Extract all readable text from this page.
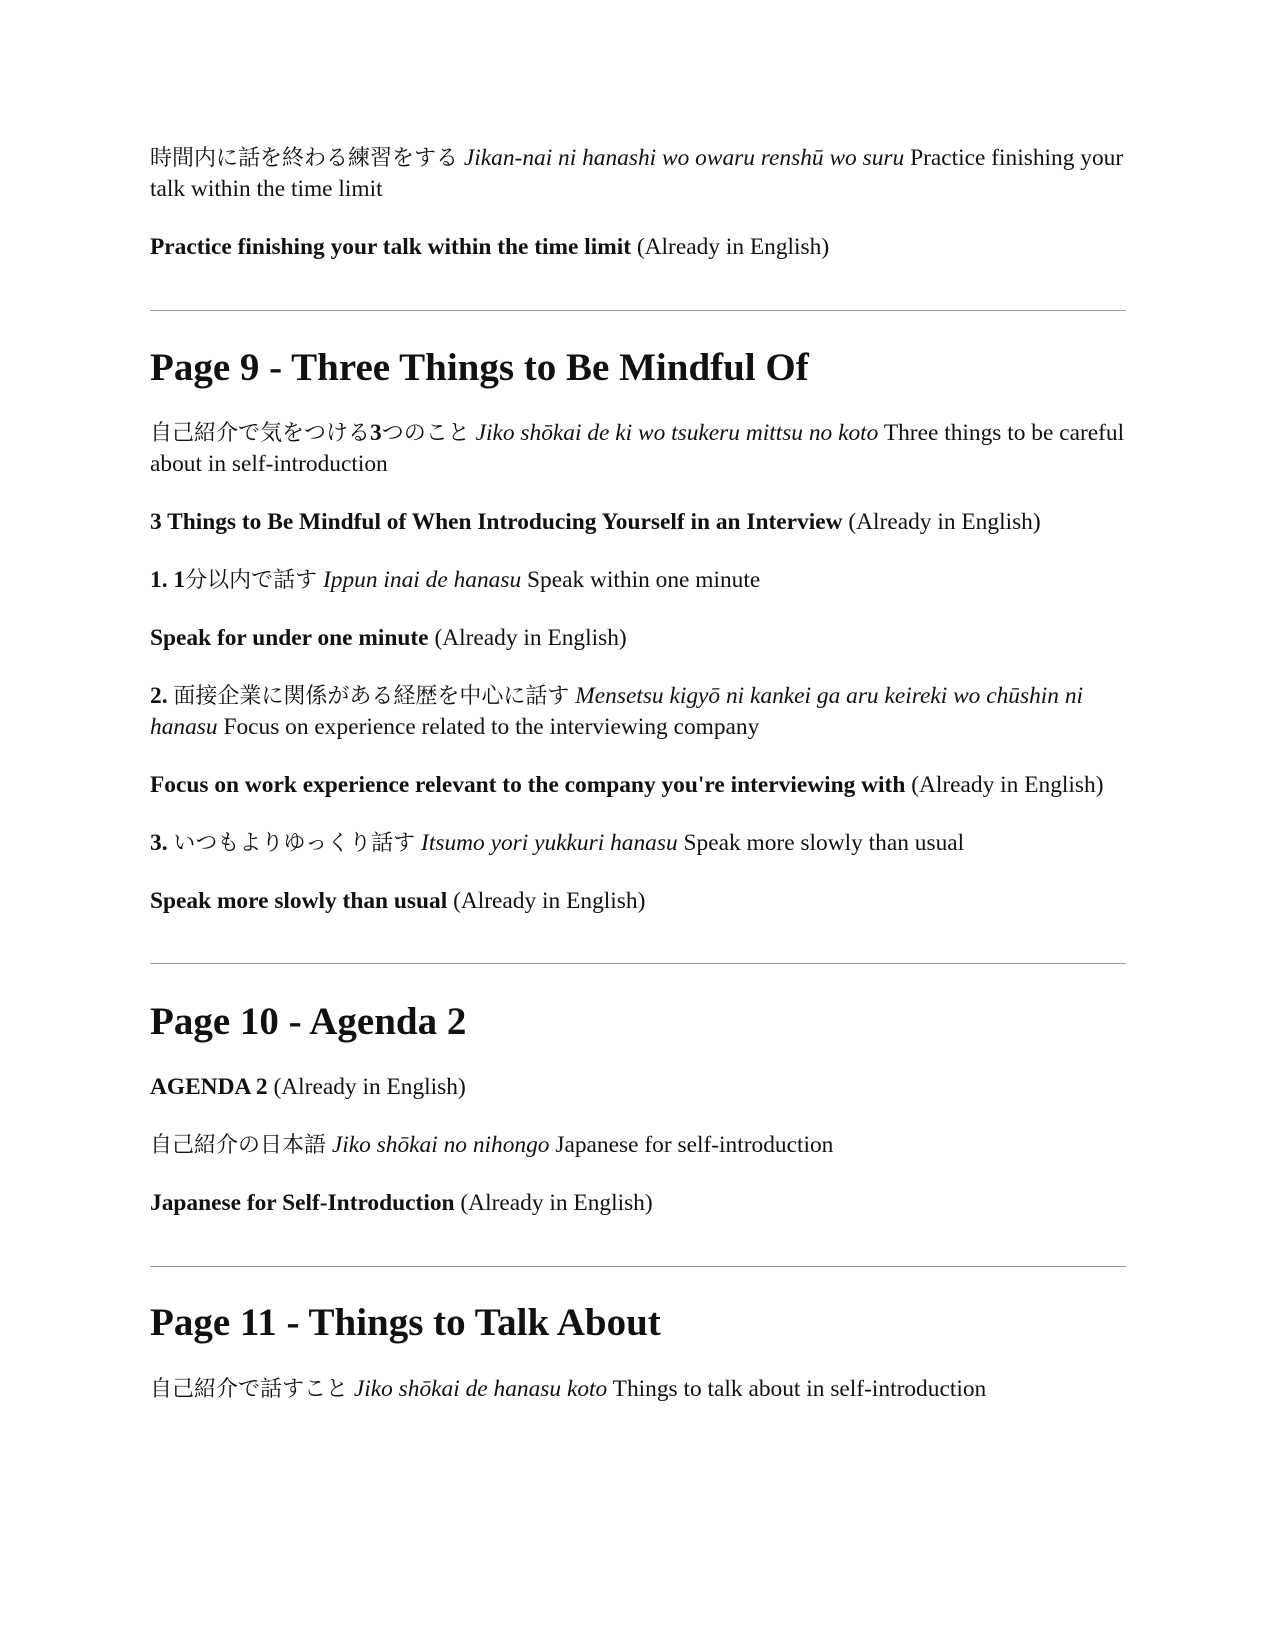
時間内に話を終わる練習をする Jikan-nai ni hanashi wo owaru renshū wo suru Practice finishing your talk within the time limit

Practice finishing your talk within the time limit (Already in English)

Page 9 - Three Things to Be Mindful Of

自己紹介で気をつける3つのこと Jiko shōkai de ki wo tsukeru mittsu no koto Three things to be careful about in self-introduction

3 Things to Be Mindful of When Introducing Yourself in an Interview (Already in English)

1. 1分以内で話す Ippun inai de hanasu Speak within one minute

Speak for under one minute (Already in English)

2. 面接企業に関係がある経歴を中心に話す Mensetsu kigyō ni kankei ga aru keireki wo chūshin ni hanasu Focus on experience related to the interviewing company

Focus on work experience relevant to the company you're interviewing with (Already in English)

3. いつもよりゆっくり話す Itsumo yori yukkuri hanasu Speak more slowly than usual

Speak more slowly than usual (Already in English)

Page 10 - Agenda 2

AGENDA 2 (Already in English)

自己紹介の日本語 Jiko shōkai no nihongo Japanese for self-introduction

Japanese for Self-Introduction (Already in English)

Page 11 - Things to Talk About

自己紹介で話すこと Jiko shōkai de hanasu koto Things to talk about in self-introduction
